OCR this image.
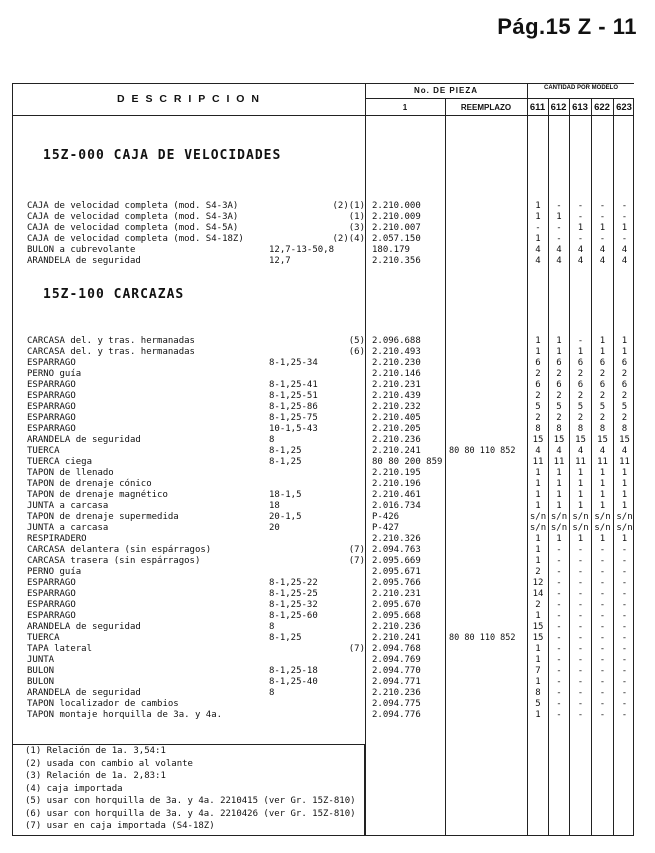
Pág.15 Z - 11
D E S C R I P C I O N
No. DE PIEZA	CANTIDAD POR MODELO
1	REEMPLAZO	611 612 613 622 623
15Z-000 CAJA DE VELOCIDADES
CAJA de velocidad completa (mod. S4-3A)	(2)(1) 2.210.000	1	-	-	-	-
CAJA de velocidad completa (mod. S4-3A)	(1) 2.210.009	1	1	-	-	-
CAJA de velocidad completa (mod. S4-5A)	(3) 2.210.007	-	-	1	1	1
CAJA de velocidad completa (mod. S4-18Z)	(2)(4) 2.057.150	1	-	-	-	-
BULON a cubrevolante	12,7-13-50,8	180.179	4	4	4	4	4
ARANDELA de seguridad	12,7	2.210.356	4	4	4	4	4
15Z-100 CARCAZAS
CARCASA del. y tras. hermanadas	(5) 2.096.688	1	1	-	1	1
CARCASA del. y tras. hermanadas	(6) 2.210.493	1	1	1	1	1
ESPARRAGO	8-1,25-34	2.210.230	6	6	6	6	6
PERNO guía	2.210.146	2	2	2	2	2
ESPARRAGO	8-1,25-41	2.210.231	6	6	6	6	6
ESPARRAGO	8-1,25-51	2.210.439	2	2	2	2	2
ESPARRAGO	8-1,25-86	2.210.232	5	5	5	5	5
ESPARRAGO	8-1,25-75	2.210.405	2	2	2	2	2
ESPARRAGO	10-1,5-43	2.210.205	8	8	8	8	8
ARANDELA de seguridad	8	2.210.236	15	15	15	15	15
TUERCA	8-1,25	2.210.241	80 80 110 852	4	4	4	4	4
TUERCA ciega	8-1,25	80 80 200 859	11	11	11	11	11
TAPON de llenado	2.210.195	1	1	1	1	1
TAPON de drenaje cónico	2.210.196	1	1	1	1	1
TAPON de drenaje magnético	18-1,5	2.210.461	1	1	1	1	1
JUNTA a carcasa	18	2.016.734	1	1	1	1	1
TAPON de drenaje supermedida	20-1,5	P-426	s/n s/n s/n s/n s/n
JUNTA a carcasa	20	P-427	s/n s/n s/n s/n s/n
RESPIRADERO	2.210.326	1	1	1	1	1
CARCASA delantera (sin espárragos)	(7) 2.094.763	1	-	-	-	-
CARCASA trasera (sin espárragos)	(7) 2.095.669	1	-	-	-	-
PERNO guía	2.095.671	2	-	-	-	-
ESPARRAGO	8-1,25-22	2.095.766	12	-	-	-	-
ESPARRAGO	8-1,25-25	2.210.231	14	-	-	-	-
ESPARRAGO	8-1,25-32	2.095.670	2	-	-	-	-
ESPARRAGO	8-1,25-60	2.095.668	1	-	-	-	-
ARANDELA de seguridad	8	2.210.236	15	-	-	-	-
TUERCA	8-1,25	2.210.241	80 80 110 852	15	-	-	-	-
TAPA lateral	(7) 2.094.768	1	-	-	-	-
JUNTA	2.094.769	1	-	-	-	-
BULON	8-1,25-18	2.094.770	7	-	-	-	-
BULON	8-1,25-40	2.094.771	1	-	-	-	-
ARANDELA de seguridad	8	2.210.236	8	-	-	-	-
TAPON localizador de cambios	2.094.775	5	-	-	-	-
TAPON montaje horquilla de 3a. y 4a.	2.094.776	1	-	-	-	-
(1) Relación de 1a. 3,54:1
(2) usada con cambio al volante
(3) Relación de 1a. 2,83:1
(4) caja importada
(5) usar con horquilla de 3a. y 4a. 2210415 (ver Gr. 15Z-810)
(6) usar con horquilla de 3a. y 4a. 2210426 (ver Gr. 15Z-810)
(7) usar en caja importada (S4-18Z)
